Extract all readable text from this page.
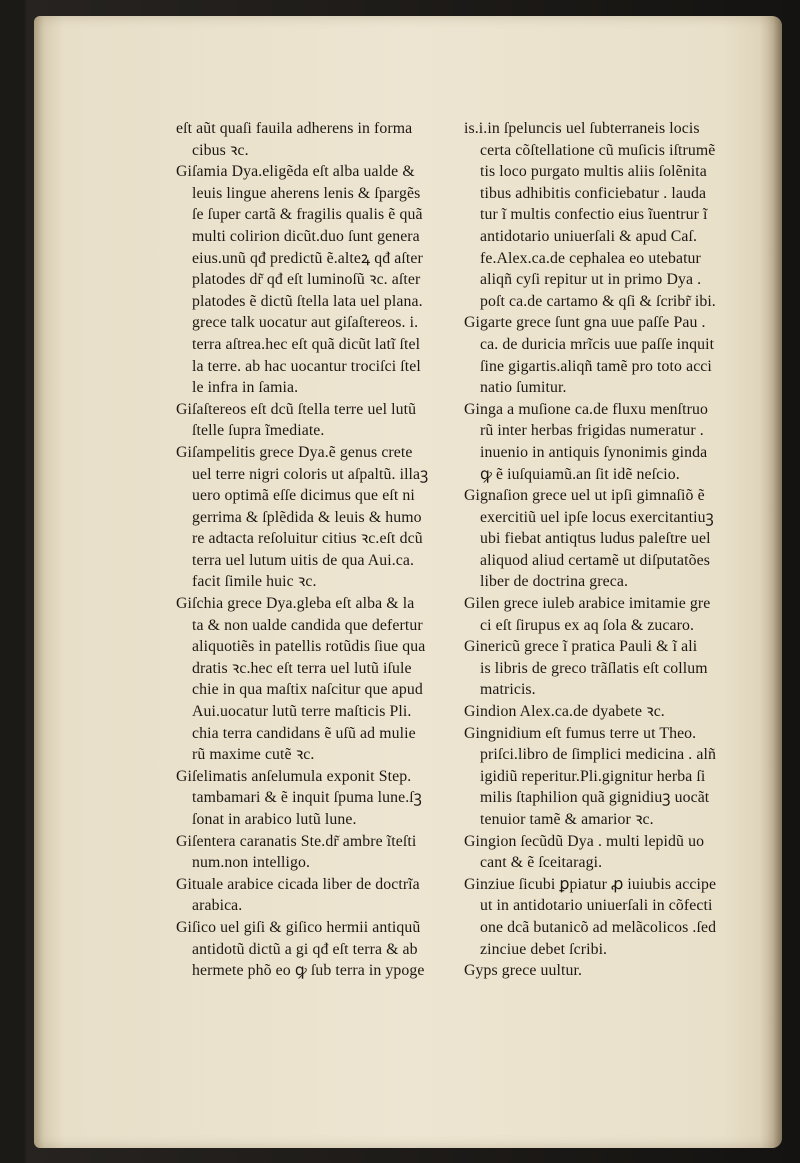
eſt aũt quaſi fauila adherens in forma
cibus ꝛc.
Giſamia Dya.eligẽda eſt alba ualde &
leuis lingue aherens lenis & ſpargẽs
ſe ſuper cartã & fragilis qualis ẽ quã
multi colirion dicũt.duo ſunt genera
eius.unũ qđ predictũ ẽ.alteꝝ qđ aſter
platodes dr̃ qđ eſt luminoſũ ꝛc. aſter
platodes ẽ dictũ ſtella lata uel plana.
grece talk uocatur aut giſaſtereos. i.
terra aſtrea.hec eſt quã dicũt latĩ ſtel
la terre. ab hac uocantur trociſci ſtel
le infra in ſamia.
Giſaſtereos eſt dcũ ſtella terre uel lutũ
ſtelle ſupra ĩmediate.
Giſampelitis grece Dya.ẽ genus crete
uel terre nigri coloris ut aſpaltũ. illaꝫ
uero optimã eſſe dicimus que eſt ni
gerrima & ſplẽdida & leuis & humo
re adtacta reſoluitur citius ꝛc.eſt dcũ
terra uel lutum uitis de qua Aui.ca.
facit ſimile huic ꝛc.
Giſchia grece Dya.gleba eſt alba & la
ta & non ualde candida que defertur
aliquotiẽs in patellis rotũdis ſiue qua
dratis ꝛc.hec eſt terra uel lutũ iſule
chie in qua maſtix naſcitur que apud
Aui.uocatur lutũ terre maſticis Pli.
chia terra candidans ẽ uſũ ad mulie
rũ maxime cutẽ ꝛc.
Giſelimatis anſelumula exponit Step.
tambamari & ẽ inquit ſpuma lune.ſꝫ
ſonat in arabico lutũ lune.
Giſentera caranatis Ste.dr̃ ambre ĩteſti
num.non intelligo.
Gituale arabice cicada liber de doctrĩa
arabica.
Giſico uel giſi & giſico hermii antiquũ
antidotũ dictũ a gi qđ eſt terra & ab
hermete phõ eo ꝙ ſub terra in ypoge
is.i.in ſpeluncis uel ſubterraneis locis
certa cõſtellatione cũ muſicis iſtrumẽ
tis loco purgato multis aliis ſolẽnita
tibus adhibitis conficiebatur . lauda
tur ĩ multis confectio eius ĩuentrur ĩ
antidotario uniuerſali & apud Caſ.
fe.Alex.ca.de cephalea eo utebatur
aliqñ cyſi repitur ut in primo Dya .
poſt ca.de cartamo & qſi & ſcribr̃ ibi.
Gigarte grece ſunt gna uue paſſe Pau .
ca. de duricia mrĩcis uue paſſe inquit
ſine gigartis.aliqñ tamẽ pro toto acci
natio ſumitur.
Ginga a muſione ca.de fluxu menſtruo
rũ inter herbas frigidas numeratur .
inuenio in antiquis ſynonimis ginda
ꝙ ẽ iuſquiamũ.an ſit idẽ neſcio.
Gignaſion grece uel ut ipſi gimnaſiõ ẽ
exercitiũ uel ipſe locus exercitantiuꝫ
ubi fiebat antiqtus ludus paleſtre uel
aliquod aliud certamẽ ut diſputatões
liber de doctrina greca.
Gilen grece iuleb arabice imitamie gre
ci eſt ſirupus ex aq ſola & zucaro.
Ginericũ grece ĩ pratica Pauli & ĩ ali
is libris de greco trãſlatis eſt collum
matricis.
Gindion Alex.ca.de dyabete ꝛc.
Gingnidium eſt fumus terre ut Theo.
priſci.libro de ſimplici medicina . alñ
igidiũ reperitur.Pli.gignitur herba ſi
milis ſtaphilion quã gignidiuꝫ uocãt
tenuior tamẽ & amarior ꝛc.
Gingion ſecũdũ Dya . multi lepidũ uo
cant & ẽ ſceitaragi.
Ginziue ſicubi ꝑpiatur ꝓ iuiubis accipe
ut in antidotario uniuerſali in cõfecti
one dcã butanicõ ad melãcolicos .ſed
zinciue debet ſcribi.
Gyps grece uultur.
